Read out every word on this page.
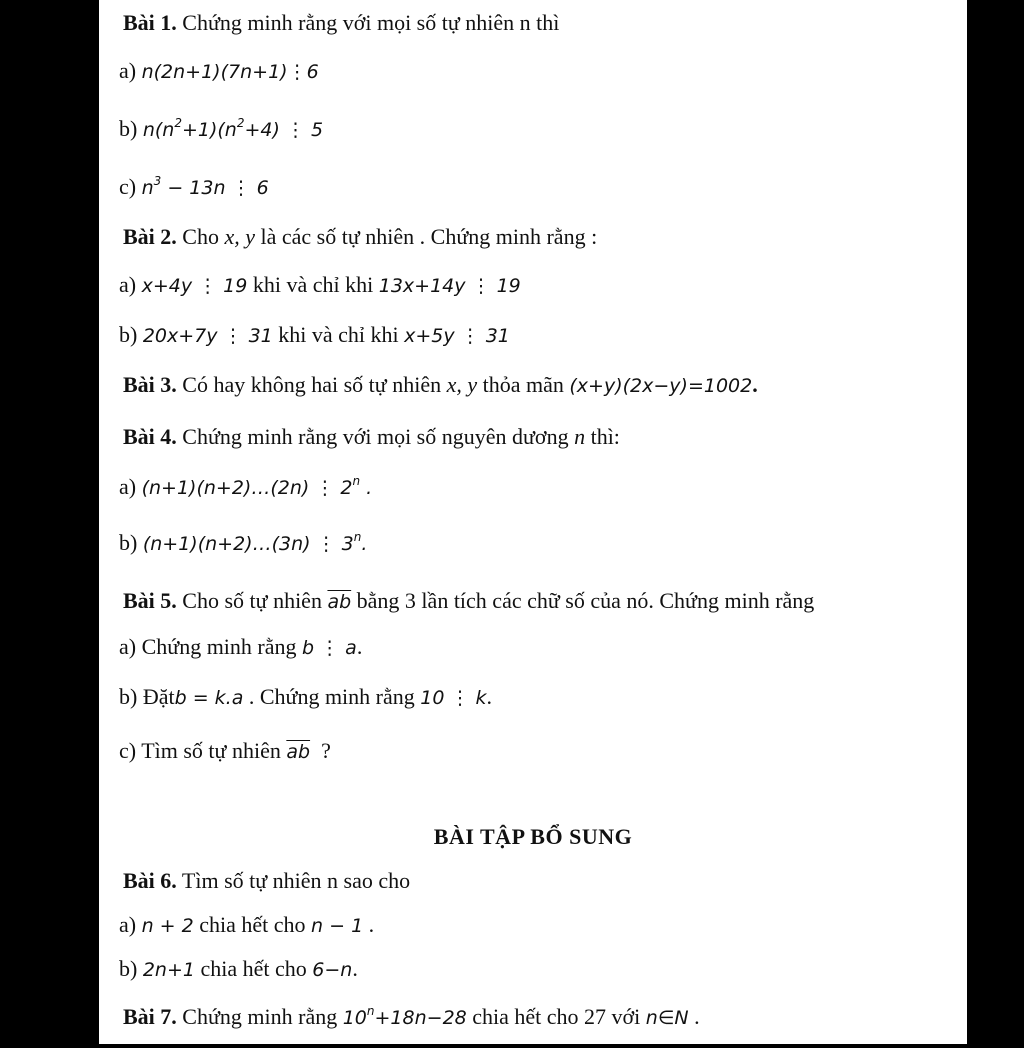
Bài 1. Chứng minh rằng với mọi số tự nhiên n thì
a) n(2n+1)(7n+1)⋮6
b) $n(n^2+1)(n^2+4)$ ⋮ 5
c) $n^3 - 13n$ ⋮ 6
Bài 2. Cho x, y là các số tự nhiên . Chứng minh rằng :
a) x+4y ⋮ 19 khi và chỉ khi 13x+14y ⋮ 19
b) 20x+7y ⋮ 31 khi và chỉ khi x+5y ⋮ 31
Bài 3. Có hay không hai số tự nhiên x, y thỏa mãn (x+y)(2x−y)=1002.
Bài 4. Chứng minh rằng với mọi số nguyên dương n thì:
a) (n+1)(n+2)…(2n) ⋮ 2$^n$ .
b) (n+1)(n+2)…(3n) ⋮ 3$^n$.
Bài 5. Cho số tự nhiên $\overline{ab}$ bằng 3 lần tích các chữ số của nó. Chứng minh rằng
a) Chứng minh rằng b ⋮ a.
b) Đặtb = k.a . Chứng minh rằng 10 ⋮ k.
c) Tìm số tự nhiên $\overline{ab}$ ?
BÀI TẬP BỔ SUNG
Bài 6. Tìm số tự nhiên n sao cho
a) n + 2 chia hết cho n − 1 .
b) 2n+1 chia hết cho 6−n.
Bài 7. Chứng minh rằng $10^n+18n-28$ chia hết cho 27 với n∈N .
